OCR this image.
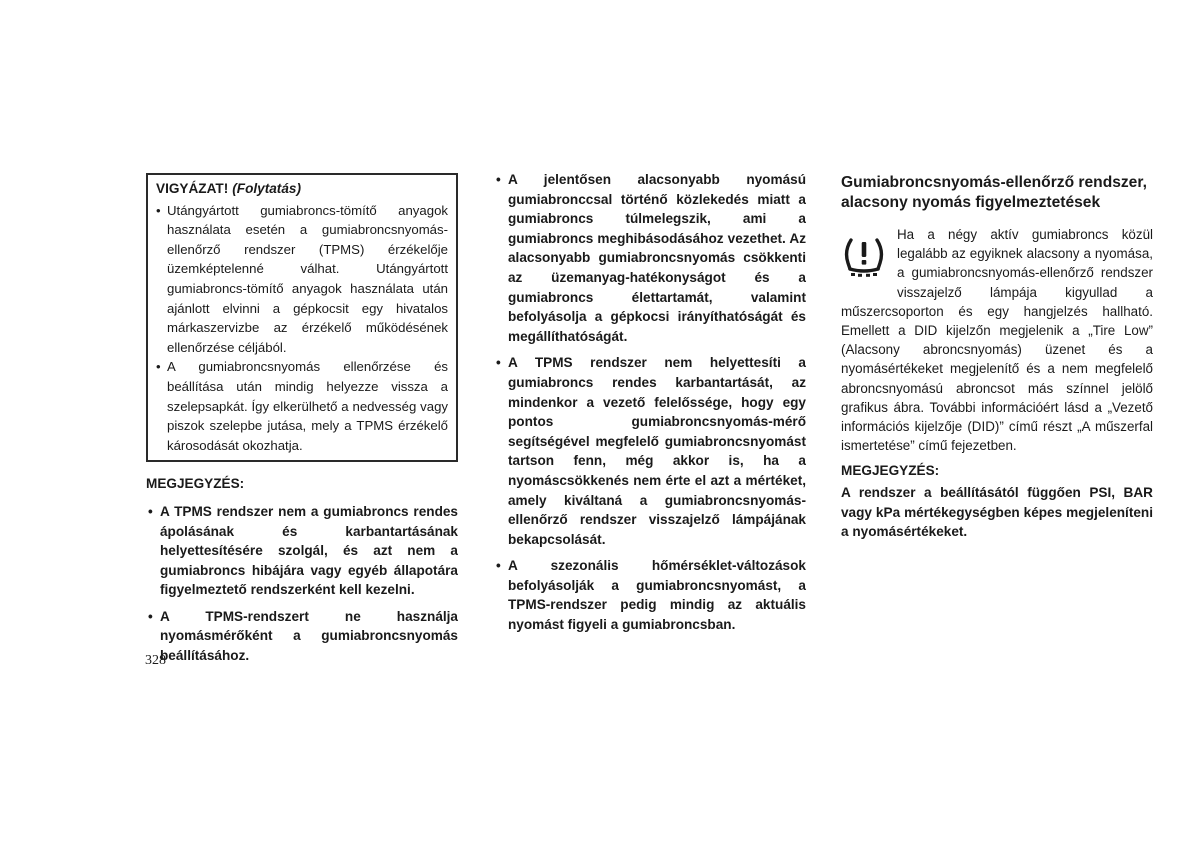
VIGYÁZAT! (Folytatás)
• Utángyártott gumiabroncs-tömítő anyagok használata esetén a gumiabroncsnyomás-ellenőrző rendszer (TPMS) érzékelője üzemképtelenné válhat. Utángyártott gumiabroncs-tömítő anyagok használata után ajánlott elvinni a gépkocsit egy hivatalos márkaszervizbe az érzékelő működésének ellenőrzése céljából.
• A gumiabroncsnyomás ellenőrzése és beállítása után mindig helyezze vissza a szelepsapkát. Így elkerülhető a nedvesség vagy piszok szelepbe jutása, mely a TPMS érzékelő károsodását okozhatja.
MEGJEGYZÉS:
• A TPMS rendszer nem a gumiabroncs rendes ápolásának és karbantartásának helyettesítésére szolgál, és azt nem a gumiabroncs hibájára vagy egyéb állapotára figyelmeztető rendszerként kell kezelni.
• A TPMS-rendszert ne használja nyomásmérőként a gumiabroncsnyomás beállításához.
• A jelentősen alacsonyabb nyomású gumiabronccsal történő közlekedés miatt a gumiabroncs túlmelegszik, ami a gumiabroncs meghibásodásához vezethet. Az alacsonyabb gumiabroncsnyomás csökkenti az üzemanyag-hatékonyságot és a gumiabroncs élettartamát, valamint befolyásolja a gépkocsi irányíthatóságát és megállíthatóságát.
• A TPMS rendszer nem helyettesíti a gumiabroncs rendes karbantartását, az mindenkor a vezető felelőssége, hogy egy pontos gumiabroncsnyomás-mérő segítségével megfelelő gumiabroncsnyomást tartson fenn, még akkor is, ha a nyomáscsökkenés nem érte el azt a mértéket, amely kiváltaná a gumiabroncsnyomás-ellenőrző rendszer visszajelző lámpájának bekapcsolását.
• A szezonális hőmérséklet-változások befolyásolják a gumiabroncsnyomást, a TPMS-rendszer pedig mindig az aktuális nyomást figyeli a gumiabroncsban.
Gumiabroncsnyomás-ellenőrző rendszer, alacsony nyomás figyelmeztetések
Ha a négy aktív gumiabroncs közül legalább az egyiknek alacsony a nyomása, a gumiabroncsnyomás-ellenőrző rendszer visszajelző lámpája kigyullad a műszercsoporton és egy hangjelzés hallható. Emellett a DID kijelzőn megjelenik a „Tire Low” (Alacsony abroncsnyomás) üzenet és a nyomásértékeket megjelenítő és a nem megfelelő abroncsnyomású abroncsot más színnel jelölő grafikus ábra. További információért lásd a „Vezető információs kijelzője (DID)” című részt „A műszerfal ismertetése” című fejezetben.
MEGJEGYZÉS:
A rendszer a beállításától függően PSI, BAR vagy kPa mértékegységben képes megjeleníteni a nyomásértékeket.
328
